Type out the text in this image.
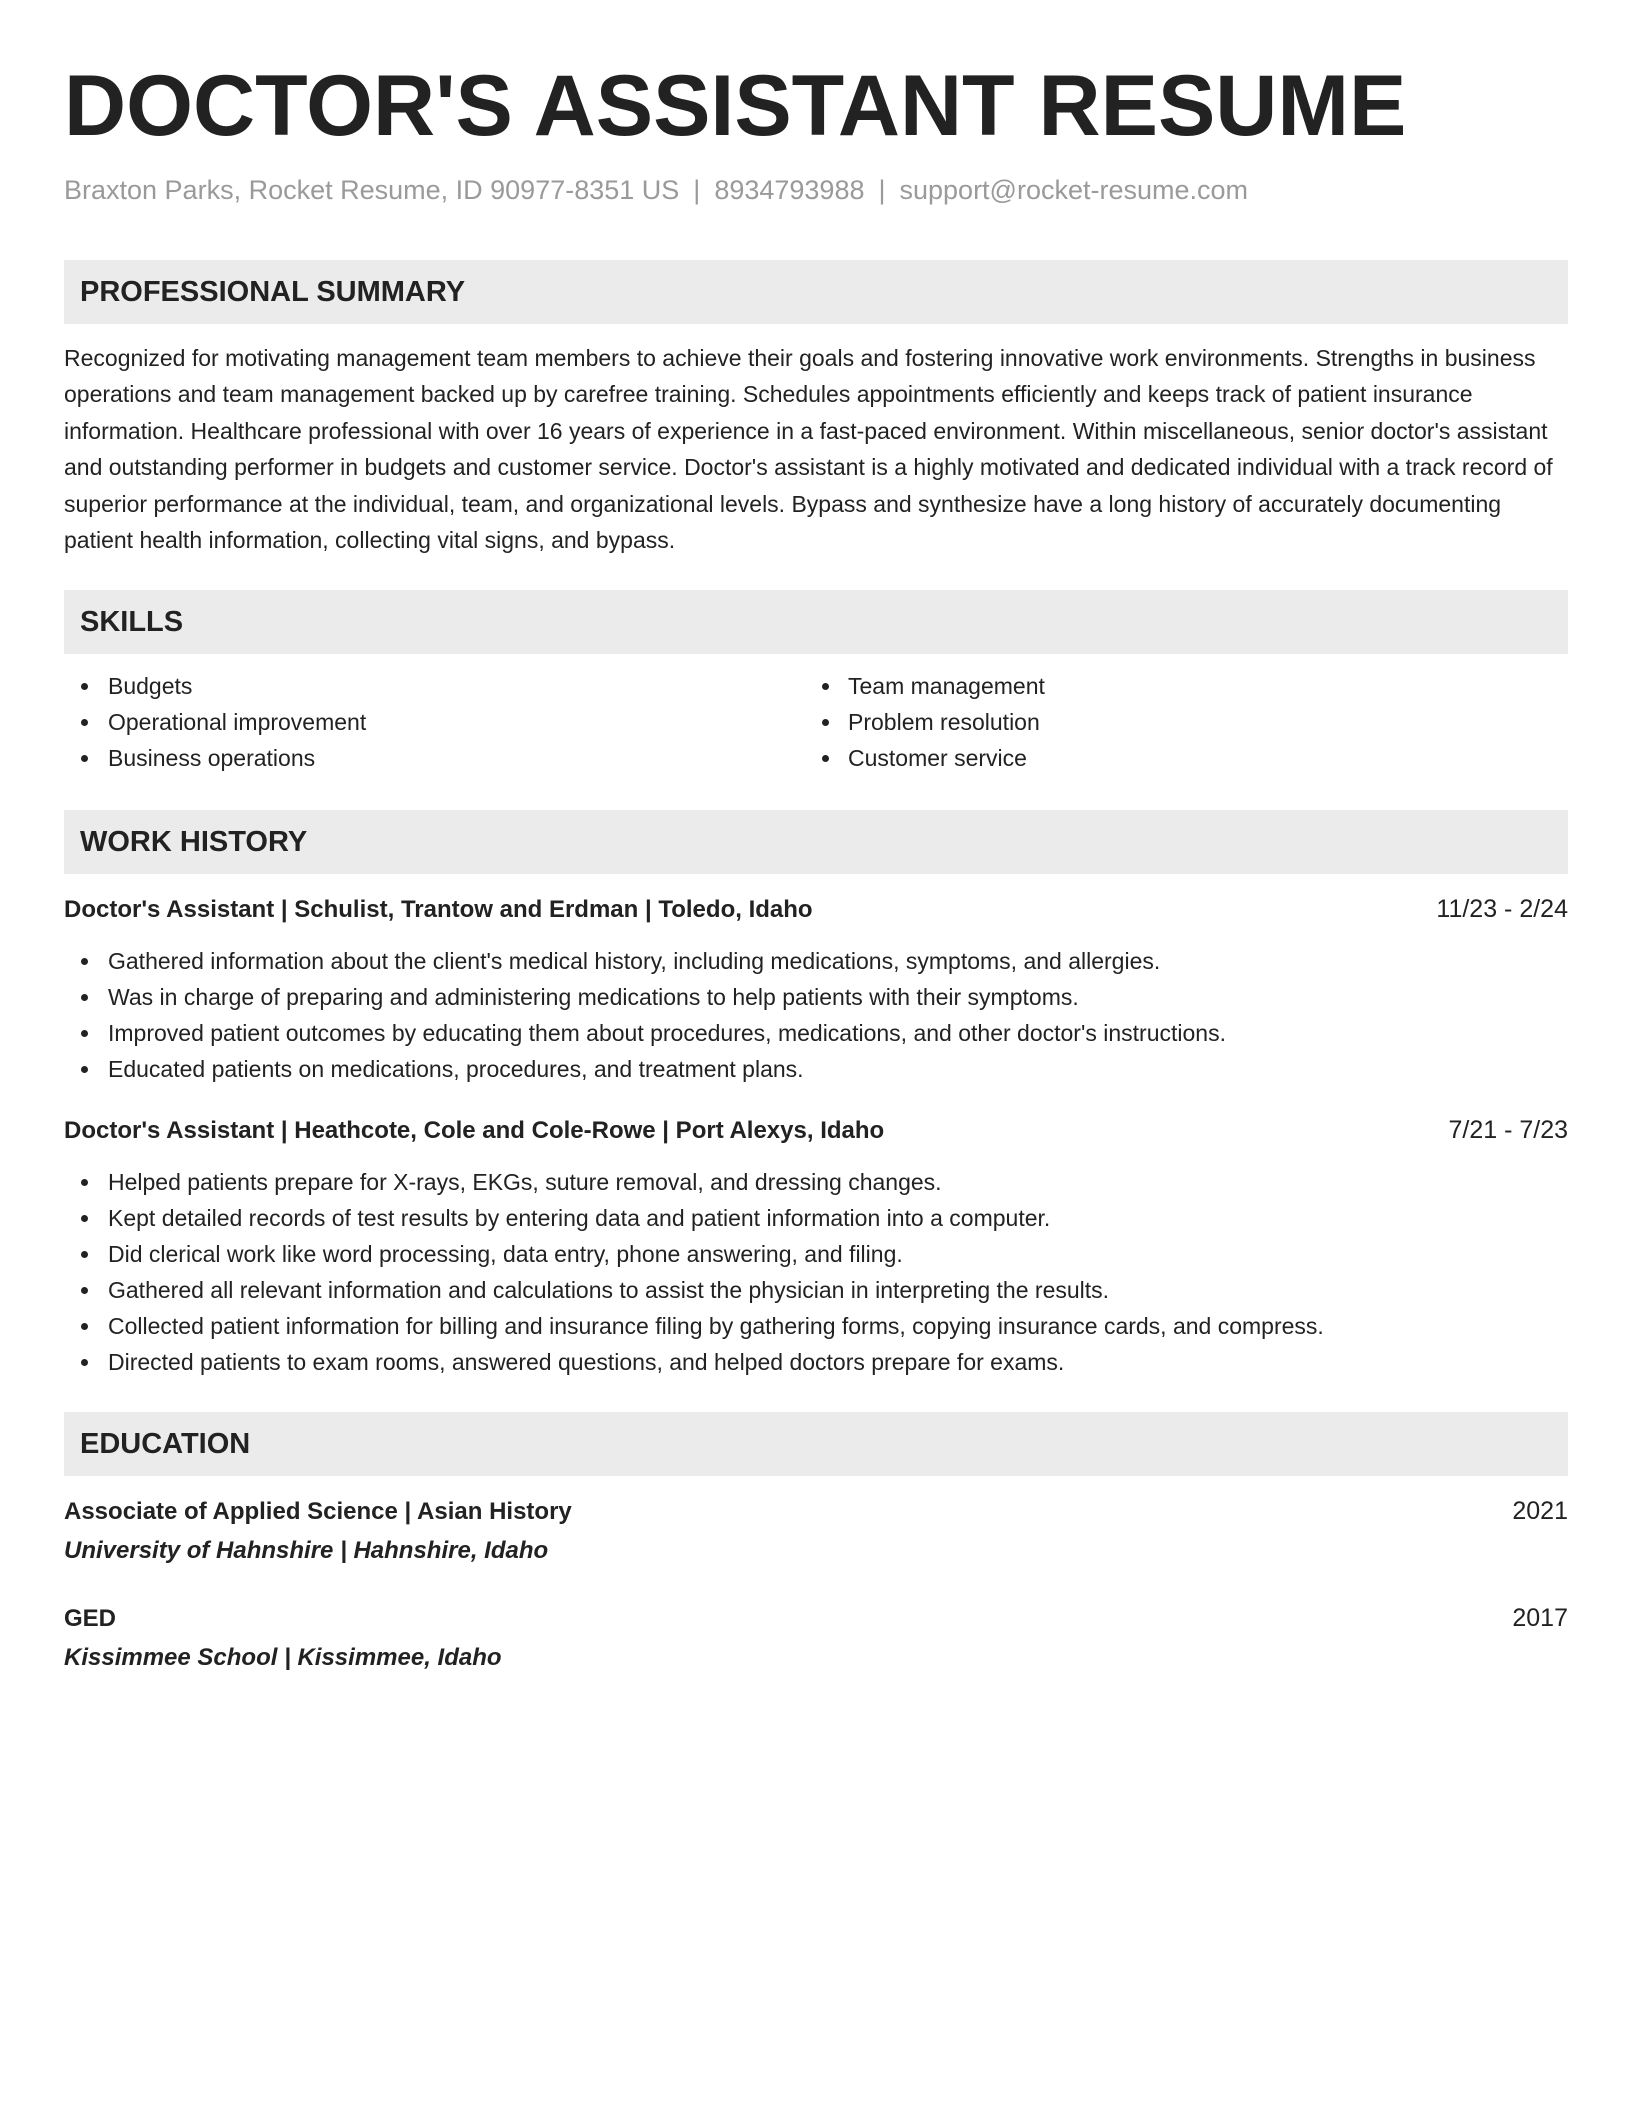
DOCTOR'S ASSISTANT RESUME
Braxton Parks, Rocket Resume, ID 90977-8351 US | 8934793988 | support@rocket-resume.com
PROFESSIONAL SUMMARY

Recognized for motivating management team members to achieve their goals and fostering innovative work environments. Strengths in business operations and team management backed up by carefree training. Schedules appointments efficiently and keeps track of patient insurance information. Healthcare professional with over 16 years of experience in a fast-paced environment. Within miscellaneous, senior doctor's assistant and outstanding performer in budgets and customer service. Doctor's assistant is a highly motivated and dedicated individual with a track record of superior performance at the individual, team, and organizational levels. Bypass and synthesize have a long history of accurately documenting patient health information, collecting vital signs, and bypass.

SKILLS
Budgets
Operational improvement
Business operations
Team management
Problem resolution
Customer service
WORK HISTORY
Doctor's Assistant | Schulist, Trantow and Erdman | Toledo, Idaho	11/23 - 2/24
Gathered information about the client's medical history, including medications, symptoms, and allergies.
Was in charge of preparing and administering medications to help patients with their symptoms.
Improved patient outcomes by educating them about procedures, medications, and other doctor's instructions.
Educated patients on medications, procedures, and treatment plans.
Doctor's Assistant | Heathcote, Cole and Cole-Rowe | Port Alexys, Idaho	7/21 - 7/23
Helped patients prepare for X-rays, EKGs, suture removal, and dressing changes.
Kept detailed records of test results by entering data and patient information into a computer.
Did clerical work like word processing, data entry, phone answering, and filing.
Gathered all relevant information and calculations to assist the physician in interpreting the results.
Collected patient information for billing and insurance filing by gathering forms, copying insurance cards, and compress.
Directed patients to exam rooms, answered questions, and helped doctors prepare for exams.
EDUCATION
Associate of Applied Science | Asian History	2021
University of Hahnshire | Hahnshire, Idaho
GED	2017
Kissimmee School | Kissimmee, Idaho
